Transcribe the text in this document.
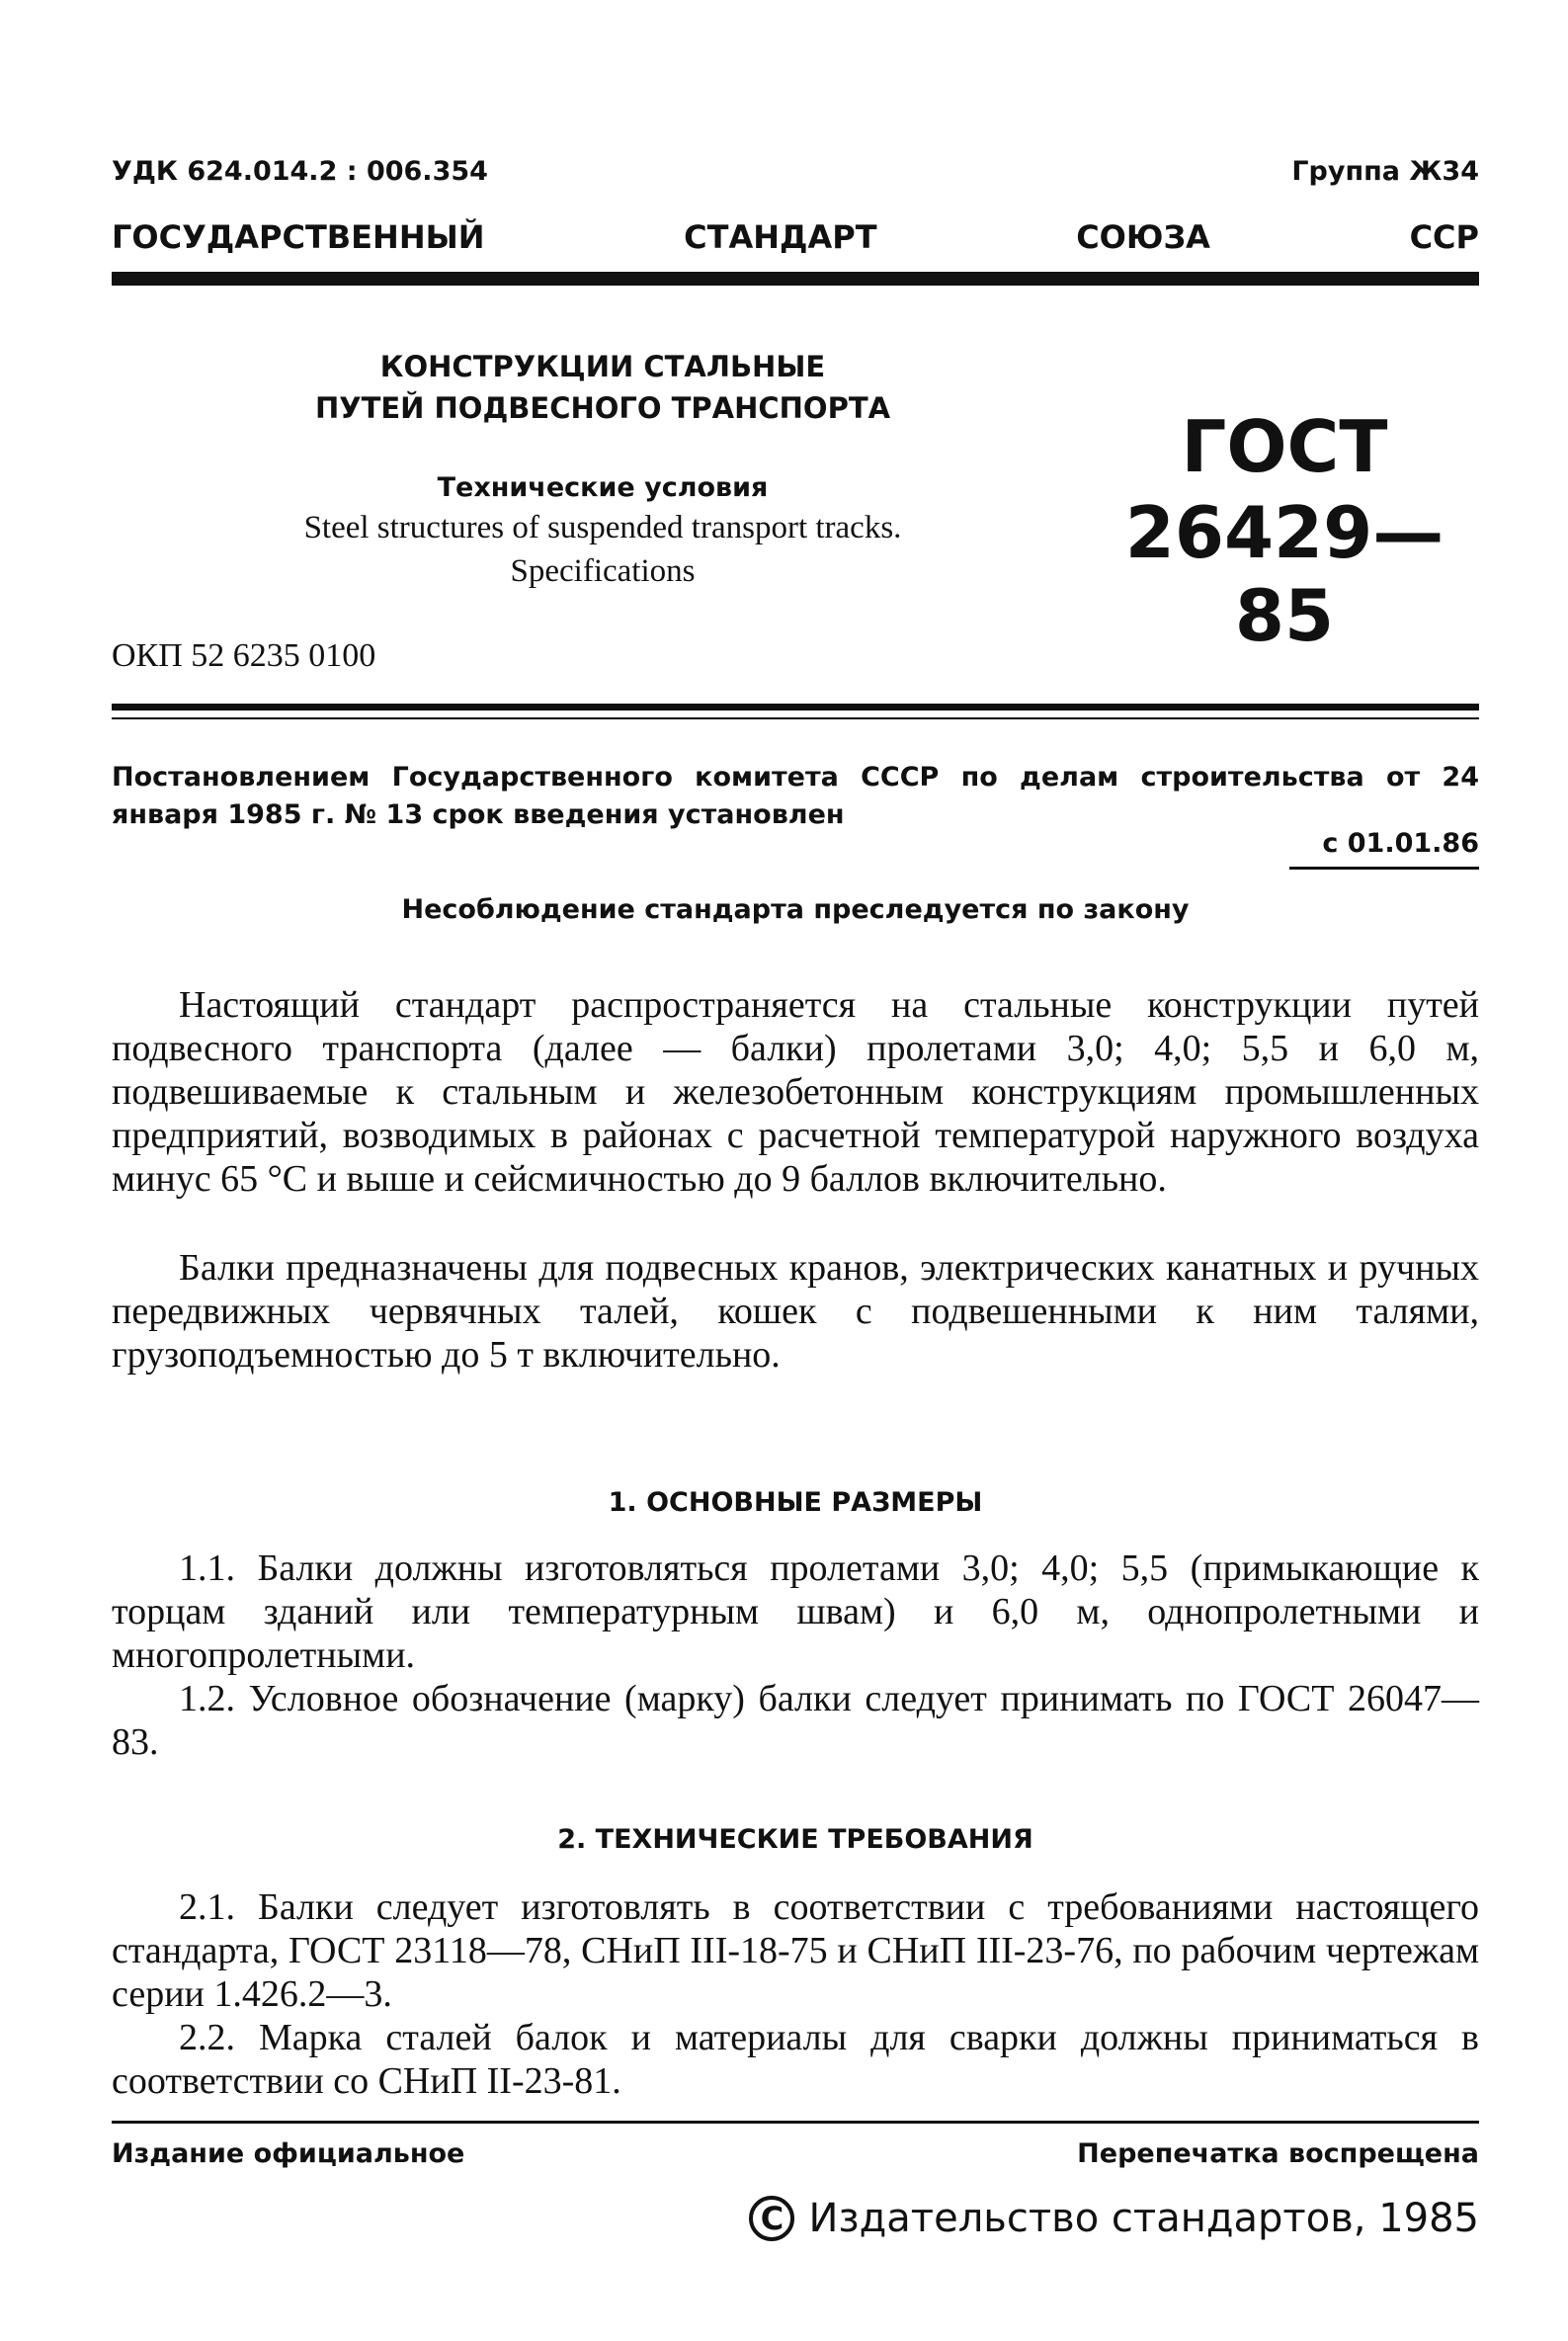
УДК 624.014.2 : 006.354	Группа Ж34
ГОСУДАРСТВЕННЫЙ	СТАНДАРТ	СОЮЗА	ССР
КОНСТРУКЦИИ СТАЛЬНЫЕ
ПУТЕЙ ПОДВЕСНОГО ТРАНСПОРТА
Технические условия
Steel structures of suspended transport tracks.
Specifications
ГОСТ
26429—85
ОКП 52 6235 0100
Постановлением Государственного комитета СССР по делам строительства от 24 января 1985 г. № 13 срок введения установлен
с 01.01.86
Несоблюдение стандарта преследуется по закону
Настоящий стандарт распространяется на стальные конструкции путей подвесного транспорта (далее — балки) пролетами 3,0; 4,0; 5,5 и 6,0 м, подвешиваемые к стальным и железобетонным конструкциям промышленных предприятий, возводимых в районах с расчетной температурой наружного воздуха минус 65 °С и выше и сейсмичностью до 9 баллов включительно.
Балки предназначены для подвесных кранов, электрических канатных и ручных передвижных червячных талей, кошек с подвешенными к ним талями, грузоподъемностью до 5 т включительно.
1. ОСНОВНЫЕ РАЗМЕРЫ
1.1. Балки должны изготовляться пролетами 3,0; 4,0; 5,5 (примыкающие к торцам зданий или температурным швам) и 6,0 м, однопролетными и многопролетными.
1.2. Условное обозначение (марку) балки следует принимать по ГОСТ 26047—83.
2. ТЕХНИЧЕСКИЕ ТРЕБОВАНИЯ
2.1. Балки следует изготовлять в соответствии с требованиями настоящего стандарта, ГОСТ 23118—78, СНиП III-18-75 и СНиП III-23-76, по рабочим чертежам серии 1.426.2—3.
2.2. Марка сталей балок и материалы для сварки должны приниматься в соответствии со СНиП II-23-81.
Издание официальное	Перепечатка воспрещена
C Издательство стандартов, 1985
